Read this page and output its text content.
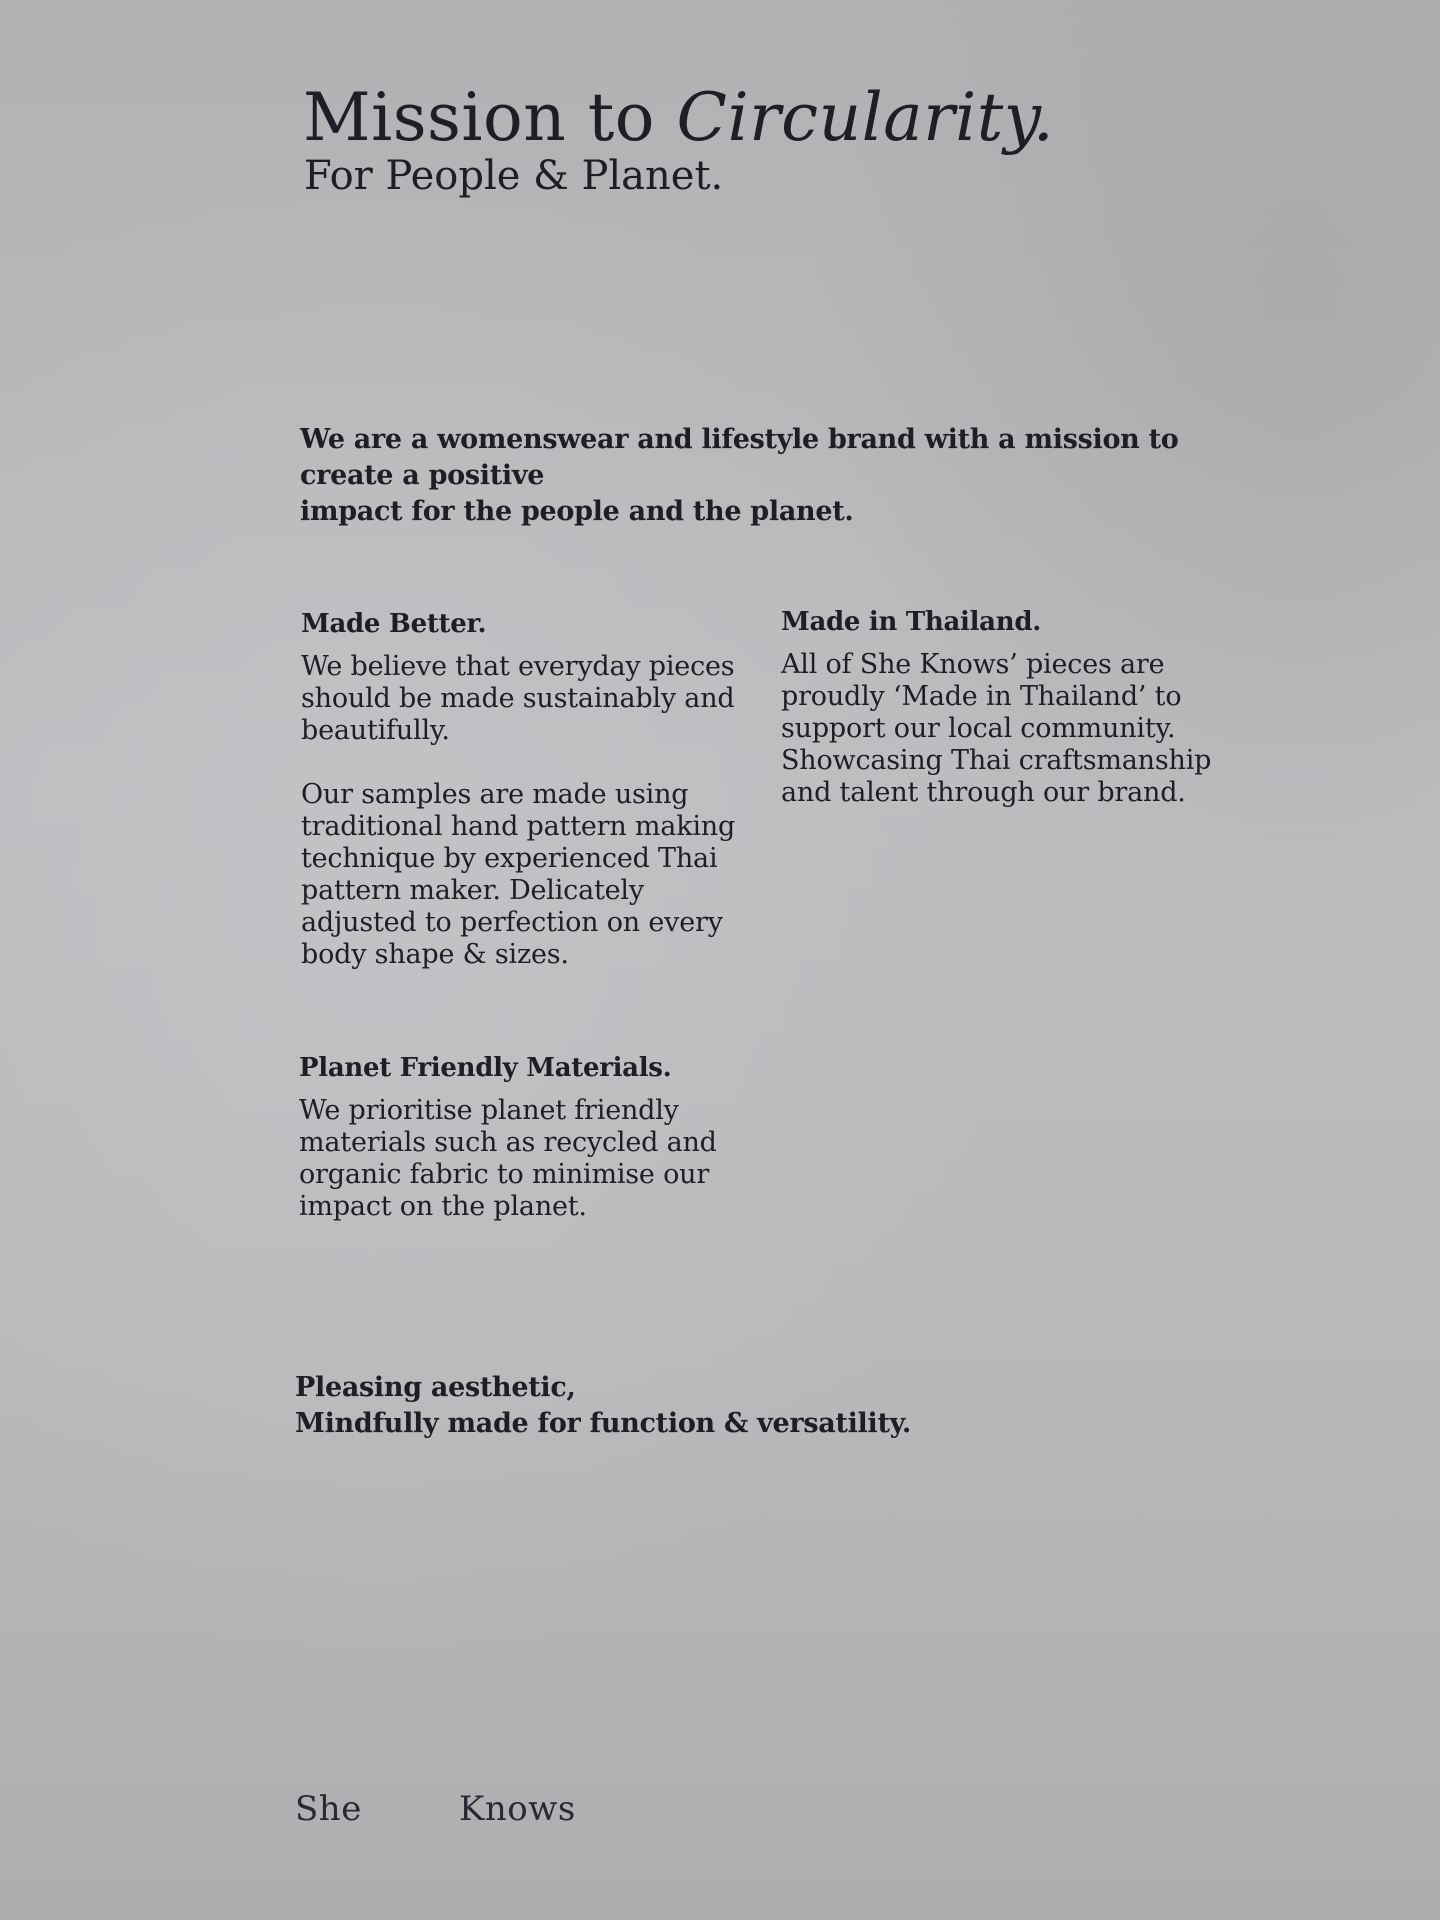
Mission to Circularity.
For People & Planet.
We are a womenswear and lifestyle brand with a mission to create a positive
impact for the people and the planet.
Made Better.

We believe that everyday pieces should be made sustainably and beautifully.

Our samples are made using traditional hand pattern making technique by experienced Thai pattern maker. Delicately adjusted to perfection on every body shape & sizes.

Made in Thailand.

All of She Knows’ pieces are proudly ‘Made in Thailand’ to support our local community. Showcasing Thai craftsmanship and talent through our brand.

Planet Friendly Materials.

We prioritise planet friendly materials such as recycled and organic fabric to minimise our impact on the planet.

Pleasing aesthetic,
Mindfully made for function & versatility.
She	Knows
